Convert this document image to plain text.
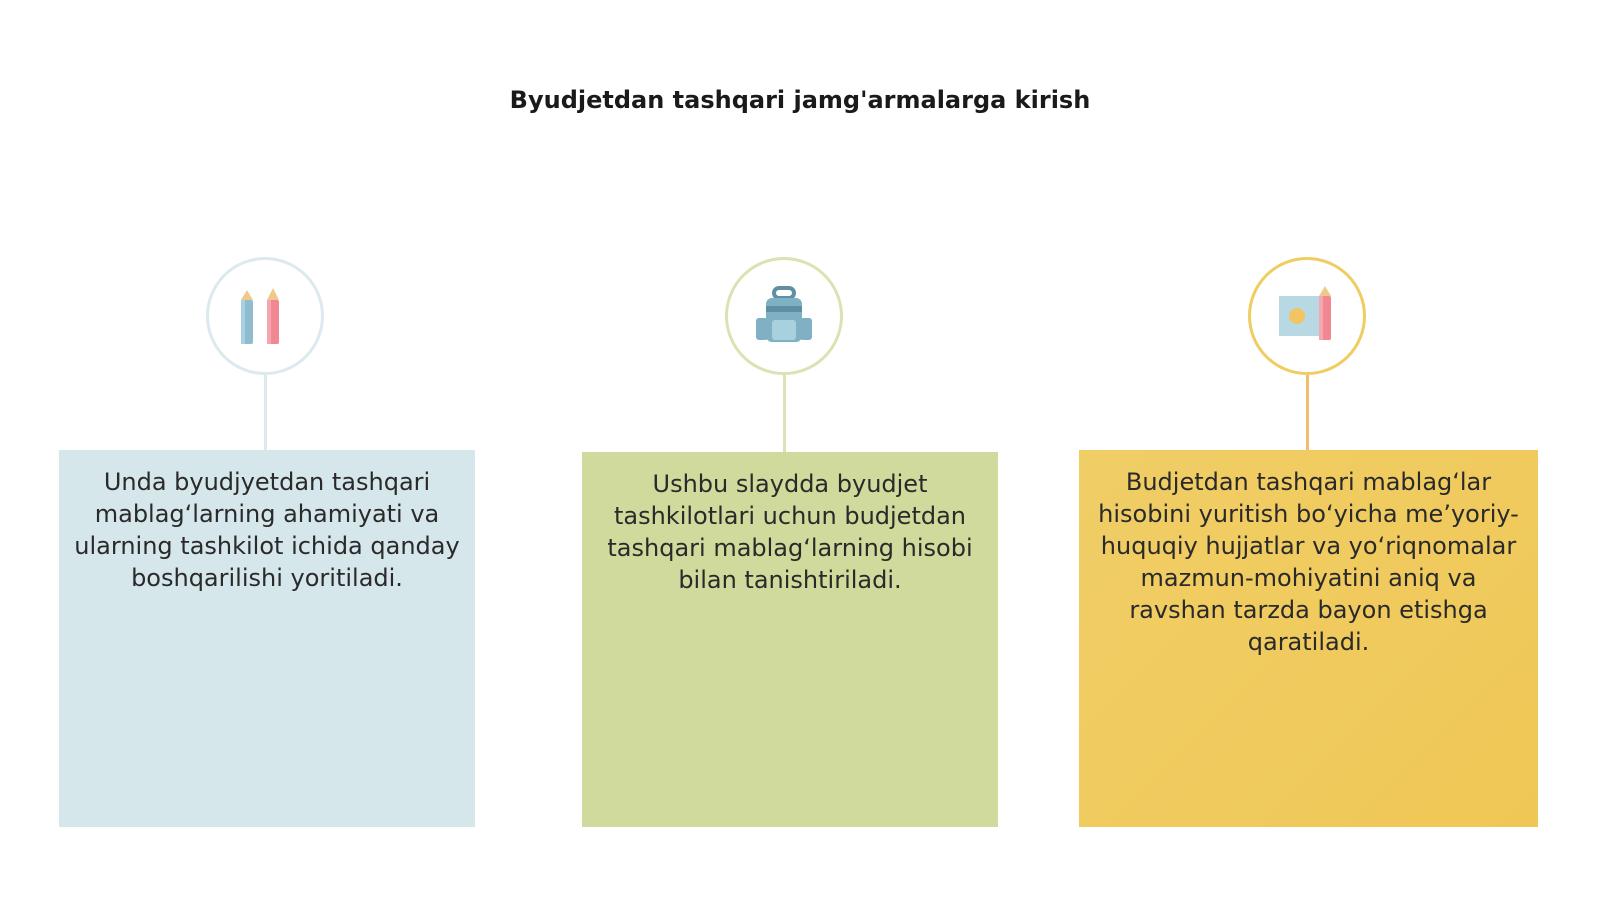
Byudjetdan tashqari jamg'armalarga kirish
Unda byudjyetdan tashqari mablag‘larning ahamiyati va ularning tashkilot ichida qanday boshqarilishi yoritiladi.
Ushbu slaydda byudjet tashkilotlari uchun budjetdan tashqari mablag‘larning hisobi bilan tanishtiriladi.
Budjetdan tashqari mablag‘lar hisobini yuritish bo‘yicha me’yoriy-huquqiy hujjatlar va yo‘riqnomalar mazmun-mohiyatini aniq va ravshan tarzda bayon etishga qaratiladi.
